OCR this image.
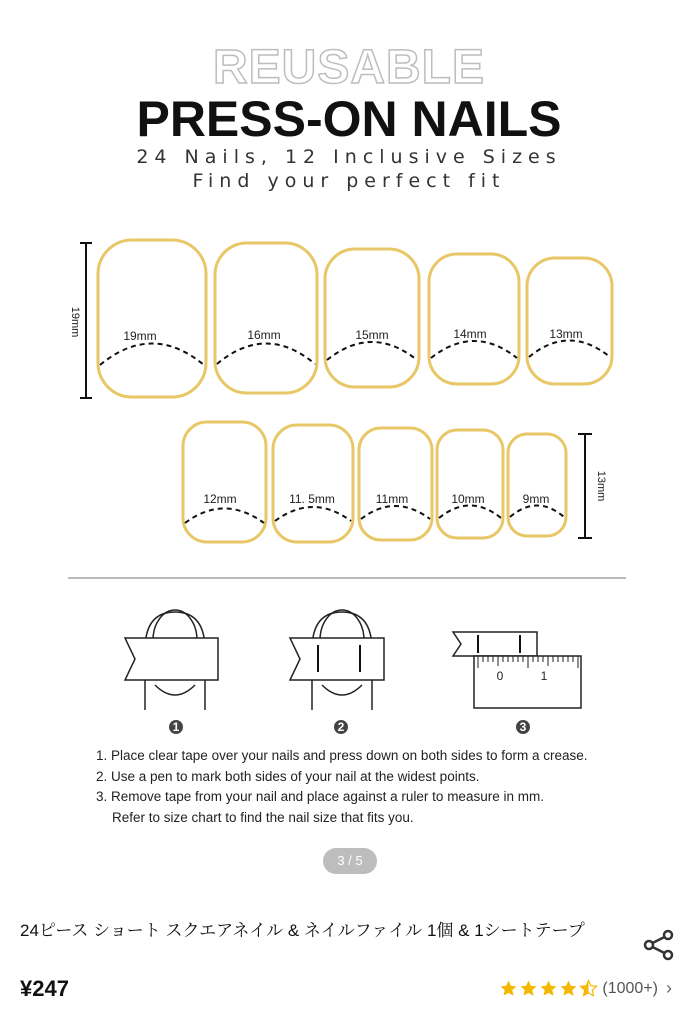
REUSABLE
PRESS-ON NAILS
24 Nails, 12 Inclusive Sizes
Find your perfect fit
19mm	19mm	16mm	15mm	14mm	13mm
12mm	11. 5mm	11mm	10mm	9mm	13mm
1	2
0	1
3
1. Place clear tape over your nails and press down on both sides to form a crease.
2. Use a pen to mark both sides of your nail at the widest points.
3. Remove tape from your nail and place against a ruler to measure in mm.
Refer to size chart to find the nail size that fits you.
3 / 5
24ピース ショート スクエアネイル & ネイルファイル 1個 & 1シートテープ
¥247	(1000+) ›
